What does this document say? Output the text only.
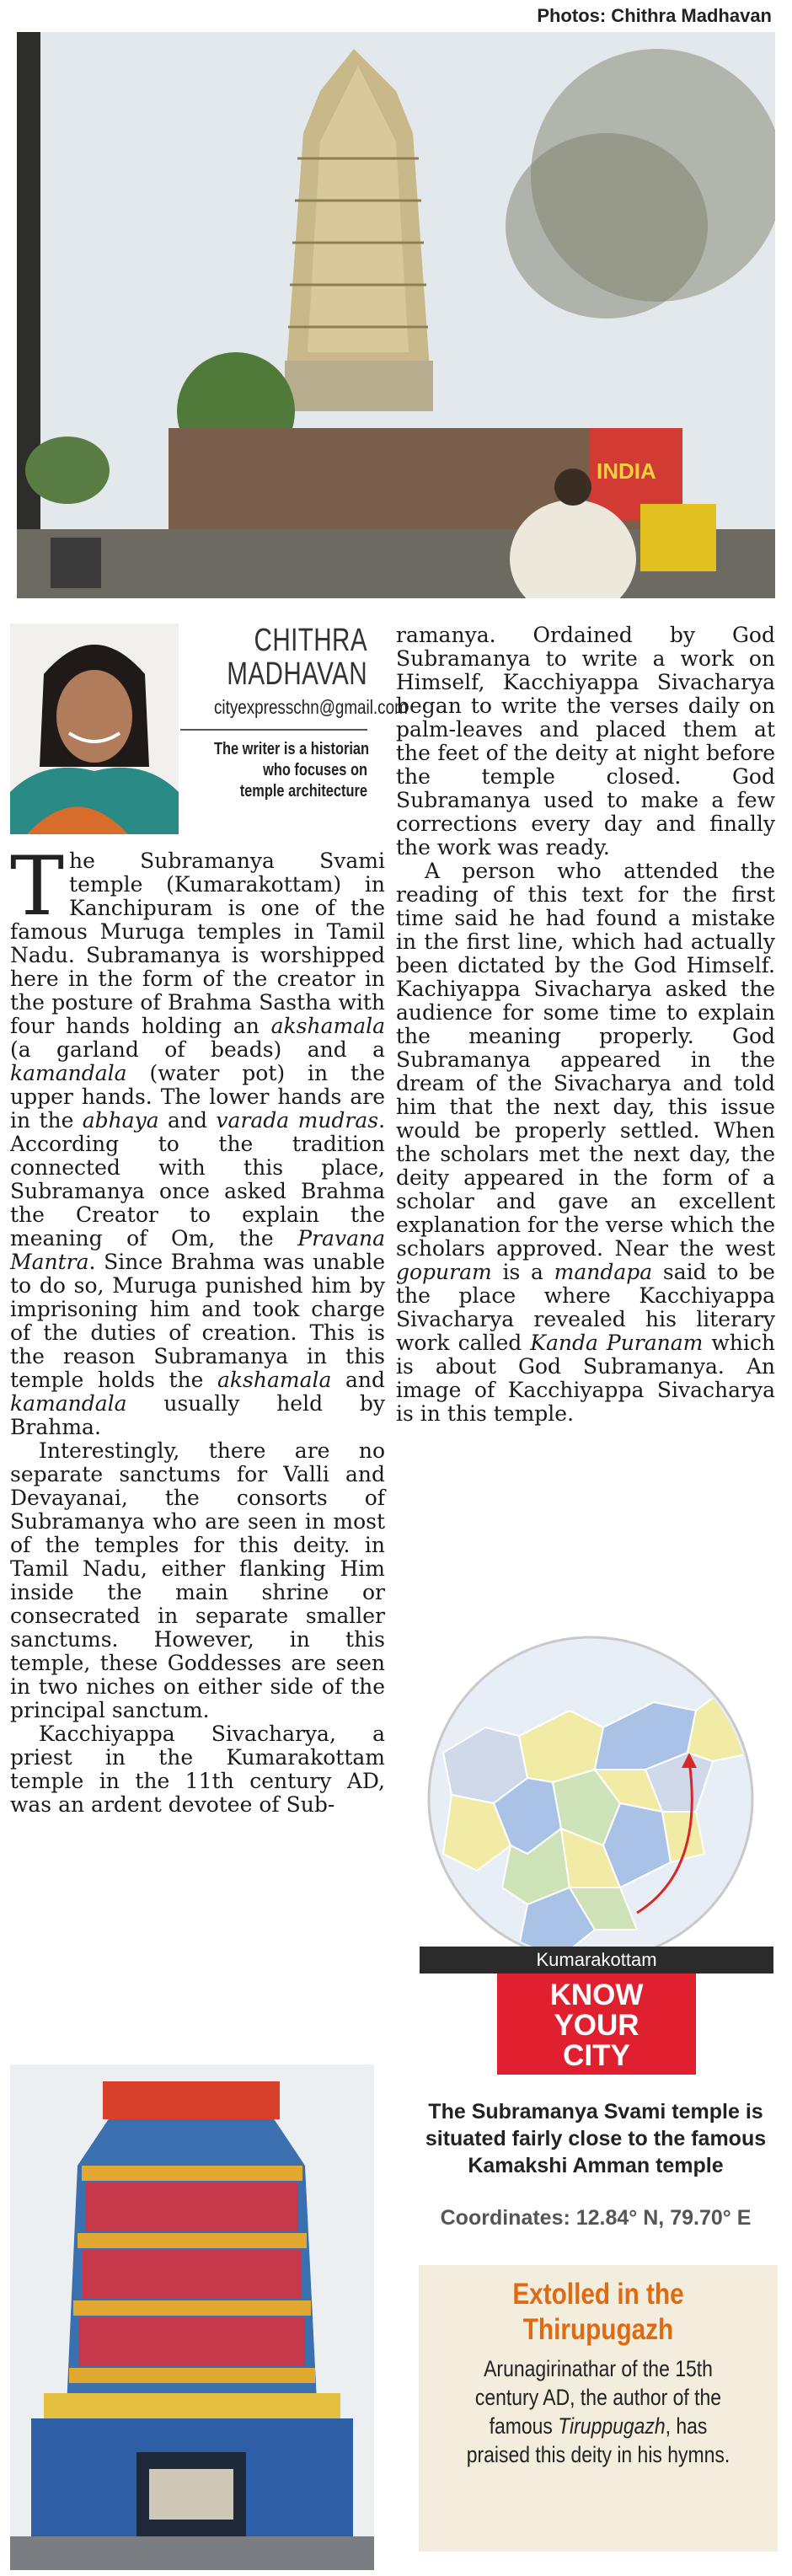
Photos: Chithra Madhavan
INDIA
CHITHRA
MADHAVAN
cityexpresschn@gmail.com
The writer is a historian
who focuses on
temple architecture

The Subramanya Svami temple (Kumarakottam) in Kanchipuram is one of the famous Muruga temples in Tamil Nadu. Subramanya is worshipped here in the form of the creator in the posture of Brahma Sastha with four hands holding an akshamala (a garland of beads) and a kamandala (water pot) in the upper hands. The lower hands are in the abhaya and varada mudras. According to the tradition connected with this place, Subramanya once asked Brahma the Creator to explain the meaning of Om, the Pravana Mantra. Since Brahma was unable to do so, Muruga punished him by imprisoning him and took charge of the duties of creation. This is the reason Subramanya in this temple holds the akshamala and kamandala usually held by Brahma.

Interestingly, there are no separate sanctums for Valli and Devayanai, the consorts of Subramanya who are seen in most of the temples for this deity. in Tamil Nadu, either flanking Him inside the main shrine or consecrated in separate smaller sanctums. However, in this temple, these Goddesses are seen in two niches on either side of the principal sanctum.

Kacchiyappa Sivacharya, a priest in the Kumarakottam temple in the 11th century AD, was an ardent devotee of Sub-

ramanya. Ordained by God Subramanya to write a work on Himself, Kacchiyappa Sivacharya began to write the verses daily on palm-leaves and placed them at the feet of the deity at night before the temple closed. God Subramanya used to make a few corrections every day and finally the work was ready.

A person who attended the reading of this text for the first time said he had found a mistake in the first line, which had actually been dictated by the God Himself. Kachiyappa Sivacharya asked the audience for some time to explain the meaning properly. God Subramanya appeared in the dream of the Sivacharya and told him that the next day, this issue would be properly settled. When the scholars met the next day, the deity appeared in the form of a scholar and gave an excellent explanation for the verse which the scholars approved. Near the west gopuram is a mandapa said to be the place where Kacchiyappa Sivacharya revealed his literary work called Kanda Puranam which is about God Subramanya. An image of Kacchiyappa Sivacharya is in this temple.

Kumarakottam
KNOW
YOUR
CITY
The Subramanya Svami temple is
situated fairly close to the famous
Kamakshi Amman temple
Coordinates: 12.84° N, 79.70° E
Extolled in the
Thirupugazh
Arunagirinathar of the 15th century AD, the author of the famous Tiruppugazh, has praised this deity in his hymns.
